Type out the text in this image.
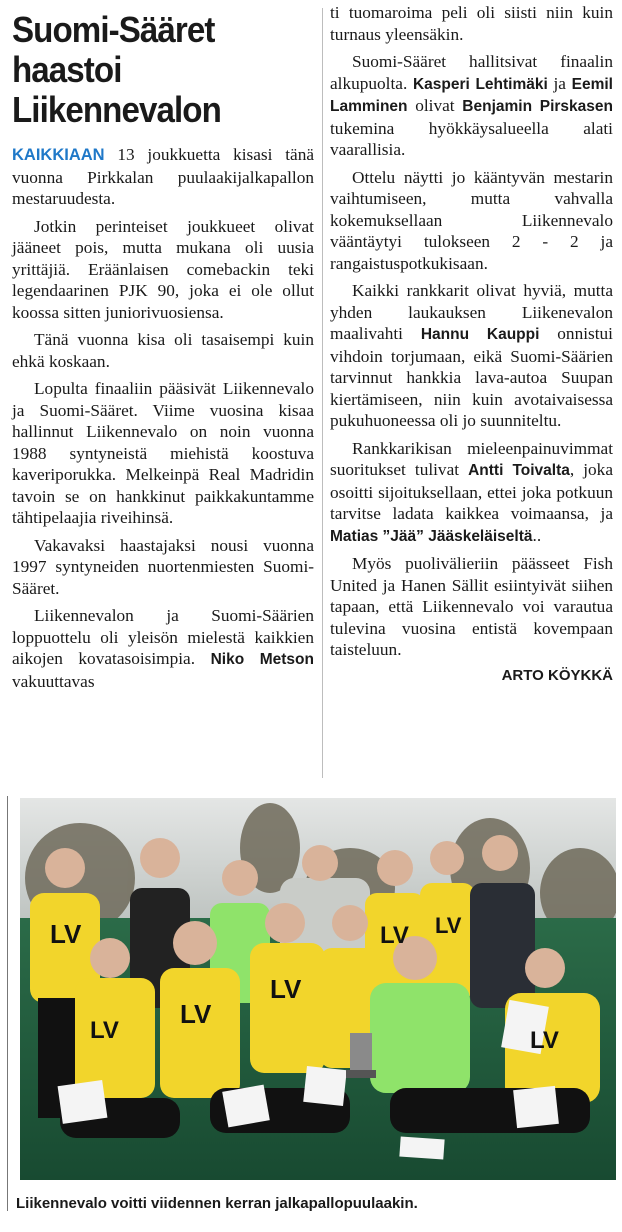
Suomi-Sääret
haastoi
Liikennevalon

KAIKKIAAN 13 joukkuetta kisasi tänä vuonna Pirkkalan puulaakijalkapallon mestaruudesta.

Jotkin perinteiset joukkueet olivat jääneet pois, mutta mukana oli uusia yrittäjiä. Eräänlaisen comebackin teki legendaarinen PJK 90, joka ei ole ollut koossa sitten juniorivuosiensa.

Tänä vuonna kisa oli tasaisempi kuin ehkä koskaan.

Lopulta finaaliin pääsivät Liikennevalo ja Suomi-Sääret. Viime vuosina kisaa hallinnut Liikennevalo on noin vuonna 1988 syntyneistä miehistä koostuva kaveriporukka. Melkeinpä Real Madridin tavoin se on hankkinut paikkakuntamme tähtipelaajia riveihinsä.

Vakavaksi haastajaksi nousi vuonna 1997 syntyneiden nuortenmiesten Suomi-Sääret.

Liikennevalon ja Suomi-Säärien loppuottelu oli yleisön mielestä kaikkien aikojen kovatasoisimpia. Niko Metson vakuuttavas

ti tuomaroima peli oli siisti niin kuin turnaus yleensäkin.

Suomi-Sääret hallitsivat finaalin alkupuolta. Kasperi Lehtimäki ja Eemil Lamminen olivat Benjamin Pirskasen tukemina hyökkäysalueella alati vaarallisia.

Ottelu näytti jo kääntyvän mestarin vaihtumiseen, mutta vahvalla kokemuksellaan Liikennevalo vääntäytyi tulokseen 2 - 2 ja rangaistuspotkukisaan.

Kaikki rankkarit olivat hyviä, mutta yhden laukauksen Liikenevalon maalivahti Hannu Kauppi onnistui vihdoin torjumaan, eikä Suomi-Säärien tarvinnut hankkia lava-autoa Suupan kiertämiseen, niin kuin avotaivaisessa pukuhuoneessa oli jo suunniteltu.

Rankkarikisan mieleenpainuvimmat suoritukset tulivat Antti Toivalta, joka osoitti sijoituksellaan, ettei joka potkuun tarvitse ladata kaikkea voimaansa, ja Matias ”Jää” Jääskeläiseltä..

Myös puolivälieriin päässeet Fish United ja Hanen Sällit esiintyivät siihen tapaan, että Liikennevalo voi varautua tulevina vuosina entistä kovempaan taisteluun.

ARTO KÖYKKÄ
LV
LV
LV
LV
LV LV
LV
Liikennevalo voitti viidennen kerran jalkapallopuulaakin.
